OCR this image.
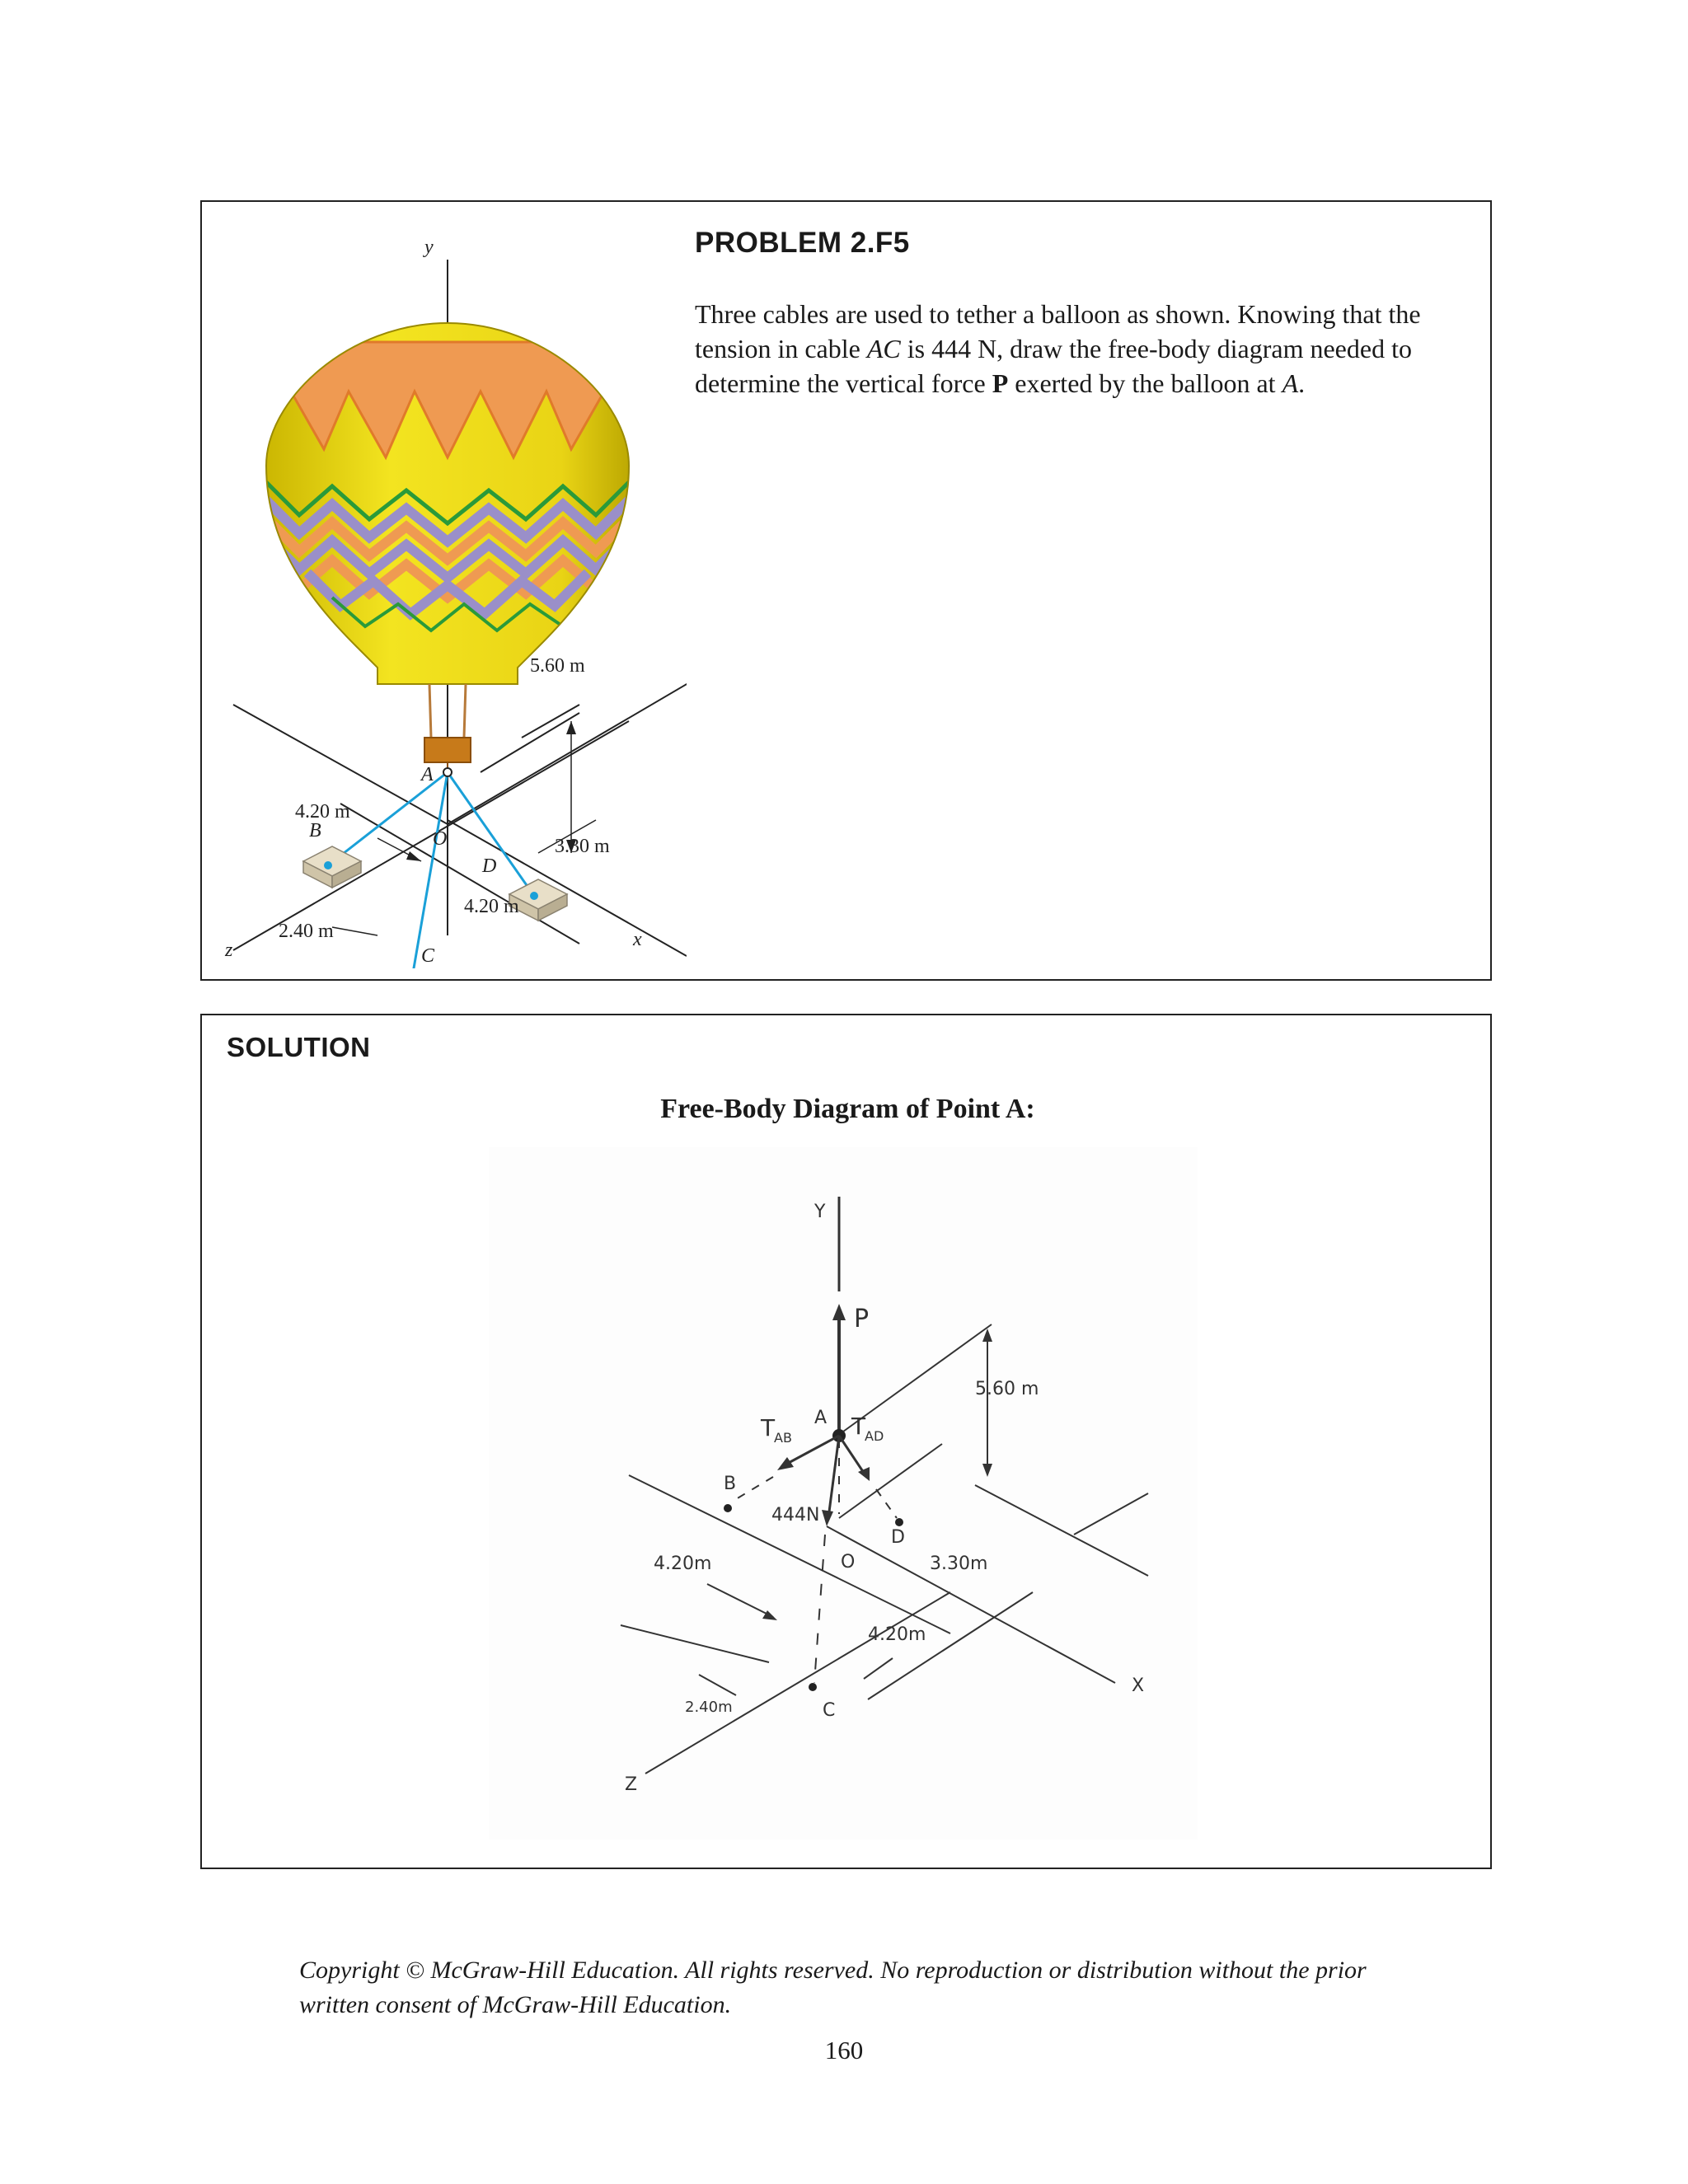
PROBLEM 2.F5
Three cables are used to tether a balloon as shown. Knowing that the tension in cable AC is 444 N, draw the free-body diagram needed to determine the vertical force P exerted by the balloon at A.
y
5.60 m
A
B
D
C
O
4.20 m
3.30 m
4.20 m
2.40 m	x
z
SOLUTION
Free-Body Diagram of Point A:
Y
P
A
5.60 m
T
AB	T
AD
444N
B
D
C
O
4.20m	3.30m
4.20m
2.40m
X
Z
Copyright © McGraw-Hill Education. All rights reserved. No reproduction or distribution without the prior
written consent of McGraw-Hill Education.
160
